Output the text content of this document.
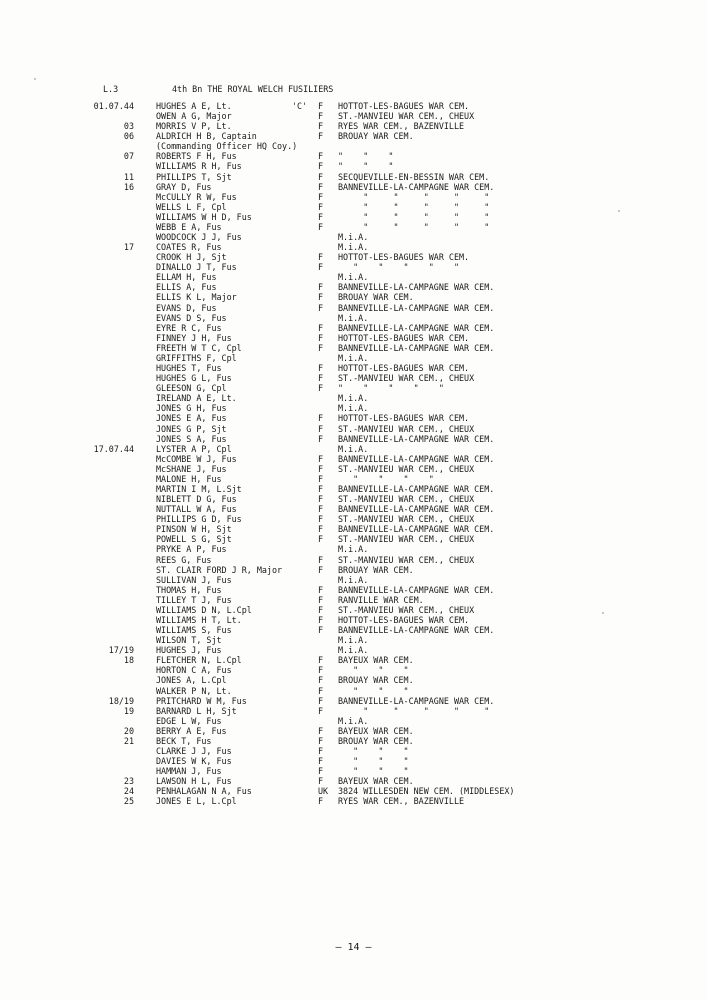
L.3	4th Bn THE ROYAL WELCH FUSILIERS
01.07.44	HUGHES A E, Lt.	'C' F HOTTOT-LES-BAGUES WAR CEM.
OWEN A G, Major	F ST.-MANVIEU WAR CEM., CHEUX
03	MORRIS V P, Lt.	F RYES WAR CEM., BAZENVILLE
06	ALDRICH H B, Captain	F BROUAY WAR CEM.
(Commanding Officer HQ Coy.)
07	ROBERTS F H, Fus	F "    "    "
WILLIAMS R H, Fus	F "    "    "
11	PHILLIPS T, Sjt	F SECQUEVILLE-EN-BESSIN WAR CEM.
16	GRAY D, Fus	F BANNEVILLE-LA-CAMPAGNE WAR CEM.
McCULLY R W, Fus	F "     "     "     "     "
WELLS L F, Cpl	F "     "     "     "     "
WILLIAMS W H D, Fus	F "     "     "     "     "
WEBB E A, Fus	F "     "     "     "     "
WOODCOCK J J, Fus	M.i.A.
17	COATES R, Fus	M.i.A.
CROOK H J, Sjt	F HOTTOT-LES-BAGUES WAR CEM.
DINALLO J T, Fus	F "    "    "    "    "
ELLAM H, Fus	M.i.A.
ELLIS A, Fus	F BANNEVILLE-LA-CAMPAGNE WAR CEM.
ELLIS K L, Major	F BROUAY WAR CEM.
EVANS D, Fus	F BANNEVILLE-LA-CAMPAGNE WAR CEM.
EVANS D S, Fus	M.i.A.
EYRE R C, Fus	F BANNEVILLE-LA-CAMPAGNE WAR CEM.
FINNEY J H, Fus	F HOTTOT-LES-BAGUES WAR CEM.
FREETH W T C, Cpl	F BANNEVILLE-LA-CAMPAGNE WAR CEM.
GRIFFITHS F, Cpl	M.i.A.
HUGHES T, Fus	F HOTTOT-LES-BAGUES WAR CEM.
HUGHES G L, Fus	F ST.-MANVIEU WAR CEM., CHEUX
GLEESON G, Cpl	F "    "    "    "    "
IRELAND A E, Lt.	M.i.A.
JONES G H, Fus	M.i.A.
JONES E A, Fus	F HOTTOT-LES-BAGUES WAR CEM.
JONES G P, Sjt	F ST.-MANVIEU WAR CEM., CHEUX
JONES S A, Fus	F BANNEVILLE-LA-CAMPAGNE WAR CEM.
17.07.44	LYSTER A P, Cpl	M.i.A.
McCOMBE W J, Fus	F BANNEVILLE-LA-CAMPAGNE WAR CEM.
McSHANE J, Fus	F ST.-MANVIEU WAR CEM., CHEUX
MALONE H, Fus	F "    "    "    "
MARTIN I M, L.Sjt	F BANNEVILLE-LA-CAMPAGNE WAR CEM.
NIBLETT D G, Fus	F ST.-MANVIEU WAR CEM., CHEUX
NUTTALL W A, Fus	F BANNEVILLE-LA-CAMPAGNE WAR CEM.
PHILLIPS G D, Fus	F ST.-MANVIEU WAR CEM., CHEUX
PINSON W H, Sjt	F BANNEVILLE-LA-CAMPAGNE WAR CEM.
POWELL S G, Sjt	F ST.-MANVIEU WAR CEM., CHEUX
PRYKE A P, Fus	M.i.A.
REES G, Fus	F ST.-MANVIEU WAR CEM., CHEUX
ST. CLAIR FORD J R, Major	F BROUAY WAR CEM.
SULLIVAN J, Fus	M.i.A.
THOMAS H, Fus	F BANNEVILLE-LA-CAMPAGNE WAR CEM.
TILLEY T J, Fus	F RANVILLE WAR CEM.
WILLIAMS D N, L.Cpl	F ST.-MANVIEU WAR CEM., CHEUX
WILLIAMS H T, Lt.	F HOTTOT-LES-BAGUES WAR CEM.
WILLIAMS S, Fus	F BANNEVILLE-LA-CAMPAGNE WAR CEM.
WILSON T, Sjt	M.i.A.
17/19	HUGHES J, Fus	M.i.A.
18	FLETCHER N, L.Cpl	F BAYEUX WAR CEM.
HORTON C A, Fus	F "    "    "
JONES A, L.Cpl	F BROUAY WAR CEM.
WALKER P N, Lt.	F "    "    "
18/19	PRITCHARD W M, Fus	F BANNEVILLE-LA-CAMPAGNE WAR CEM.
19	BARNARD L H, Sjt	F "     "     "     "     "
EDGE L W, Fus	M.i.A.
20	BERRY A E, Fus	F BAYEUX WAR CEM.
21	BECK T, Fus	F BROUAY WAR CEM.
CLARKE J J, Fus	F "    "    "
DAVIES W K, Fus	F "    "    "
HAMMAN J, Fus	F "    "    "
23	LAWSON H L, Fus	F BAYEUX WAR CEM.
24	PENHALAGAN N A, Fus	UK 3824 WILLESDEN NEW CEM. (MIDDLESEX)
25	JONES E L, L.Cpl	F RYES WAR CEM., BAZENVILLE
– 14 –
